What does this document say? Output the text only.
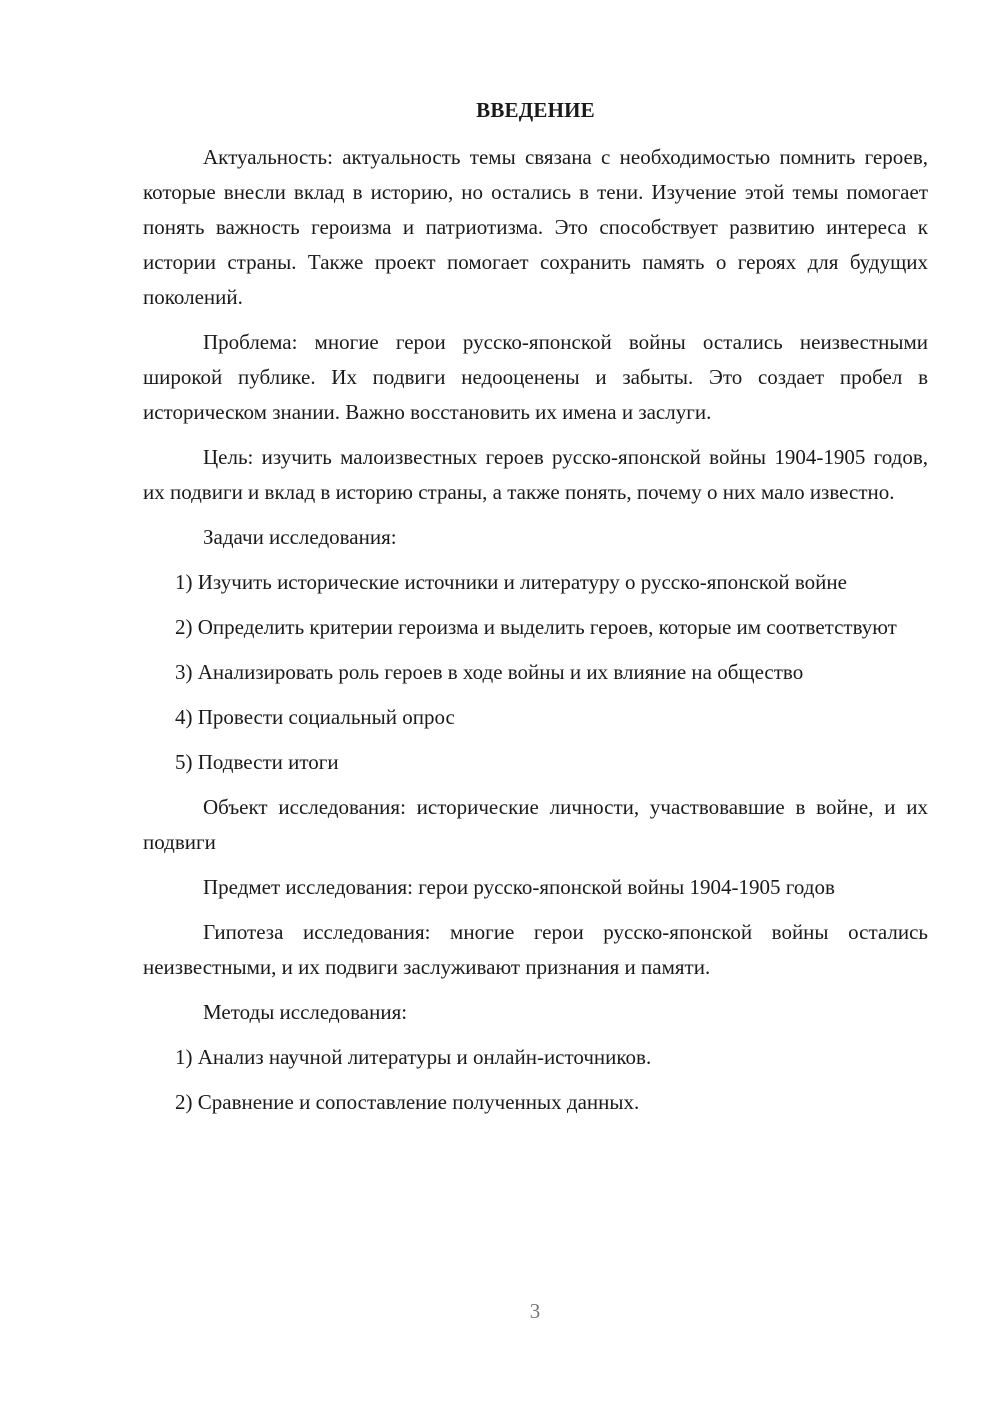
ВВЕДЕНИЕ

Актуальность: актуальность темы связана с необходимостью помнить героев, которые внесли вклад в историю, но остались в тени. Изучение этой темы помогает понять важность героизма и патриотизма. Это способствует развитию интереса к истории страны. Также проект помогает сохранить память о героях для будущих поколений.

Проблема: многие герои русско-японской войны остались неизвестными широкой публике. Их подвиги недооценены и забыты. Это создает пробел в историческом знании. Важно восстановить их имена и заслуги.

Цель: изучить малоизвестных героев русско-японской войны 1904-1905 годов, их подвиги и вклад в историю страны, а также понять, почему о них мало известно.

Задачи исследования:

1) Изучить исторические источники и литературу о русско-японской войне

2) Определить критерии героизма и выделить героев, которые им соответствуют

3) Анализировать роль героев в ходе войны и их влияние на общество

4) Провести социальный опрос

5) Подвести итоги

Объект исследования: исторические личности, участвовавшие в войне, и их подвиги

Предмет исследования: герои русско-японской войны 1904-1905 годов

Гипотеза исследования: многие герои русско-японской войны остались неизвестными, и их подвиги заслуживают признания и памяти.

Методы исследования:

1) Анализ научной литературы и онлайн-источников.

2) Сравнение и сопоставление полученных данных.

3
